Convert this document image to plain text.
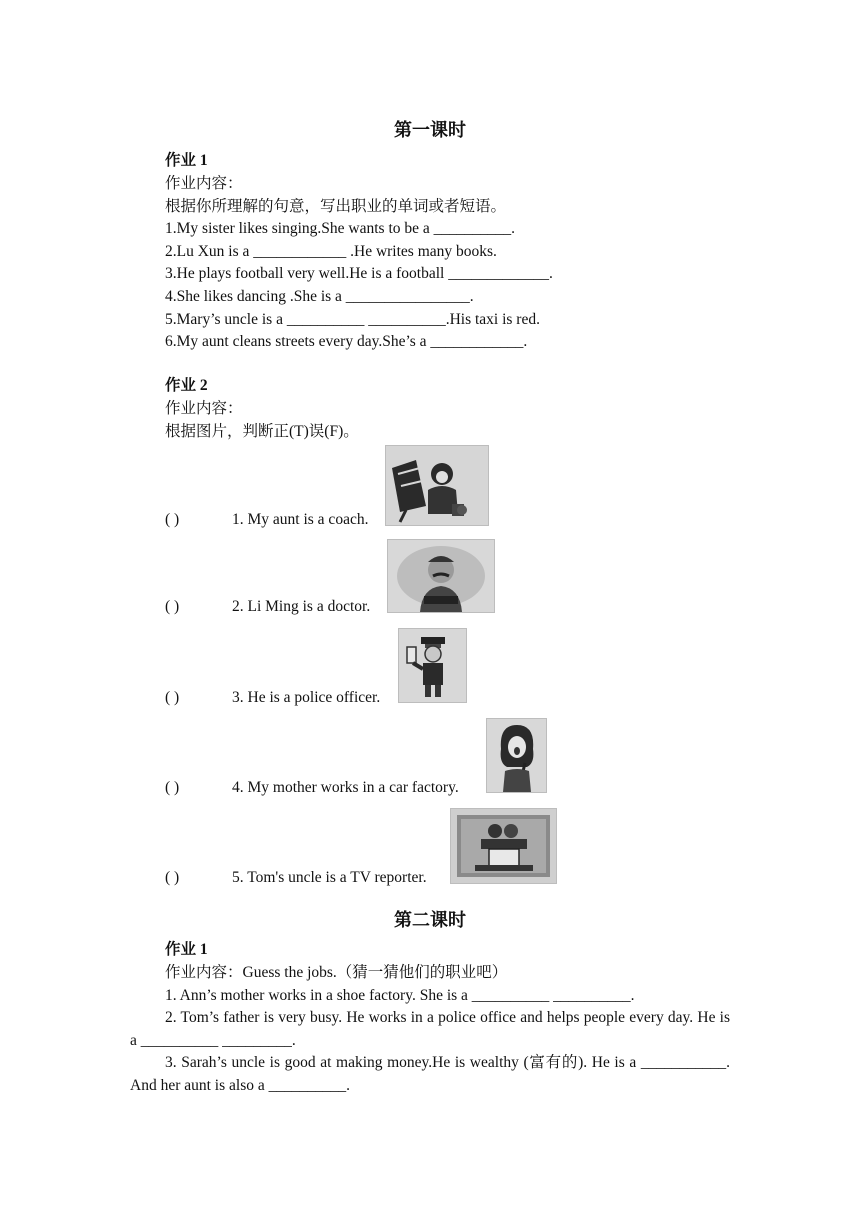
第一课时
作业 1
作业内容：
根据你所理解的句意，写出职业的单词或者短语。
1.My sister likes singing.She wants to be a __________.
2.Lu Xun is a ____________ .He writes many books.
3.He plays football very well.He is a football _____________.
4.She likes dancing .She is a ________________.
5.Mary’s uncle is a __________ __________.His taxi is red.
6.My aunt cleans streets every day.She’s a ____________.
作业 2
作业内容：
根据图片，判断正(T)误(F)。
( )	1. My aunt is a coach.
( )	2. Li Ming is a doctor.
( )	3. He is a police officer.
( )	4. My mother works in a car factory.
( )	5. Tom's uncle is a TV reporter.
第二课时
作业 1
作业内容：Guess the jobs.（猜一猜他们的职业吧）
1. Ann’s mother works in a shoe factory. She is a __________ __________.
2. Tom’s father is very busy. He works in a police office and helps people every day. He is a __________ _________.
3. Sarah’s uncle is good at making money.He is wealthy (富有的). He is a ___________. And her aunt is also a __________.
